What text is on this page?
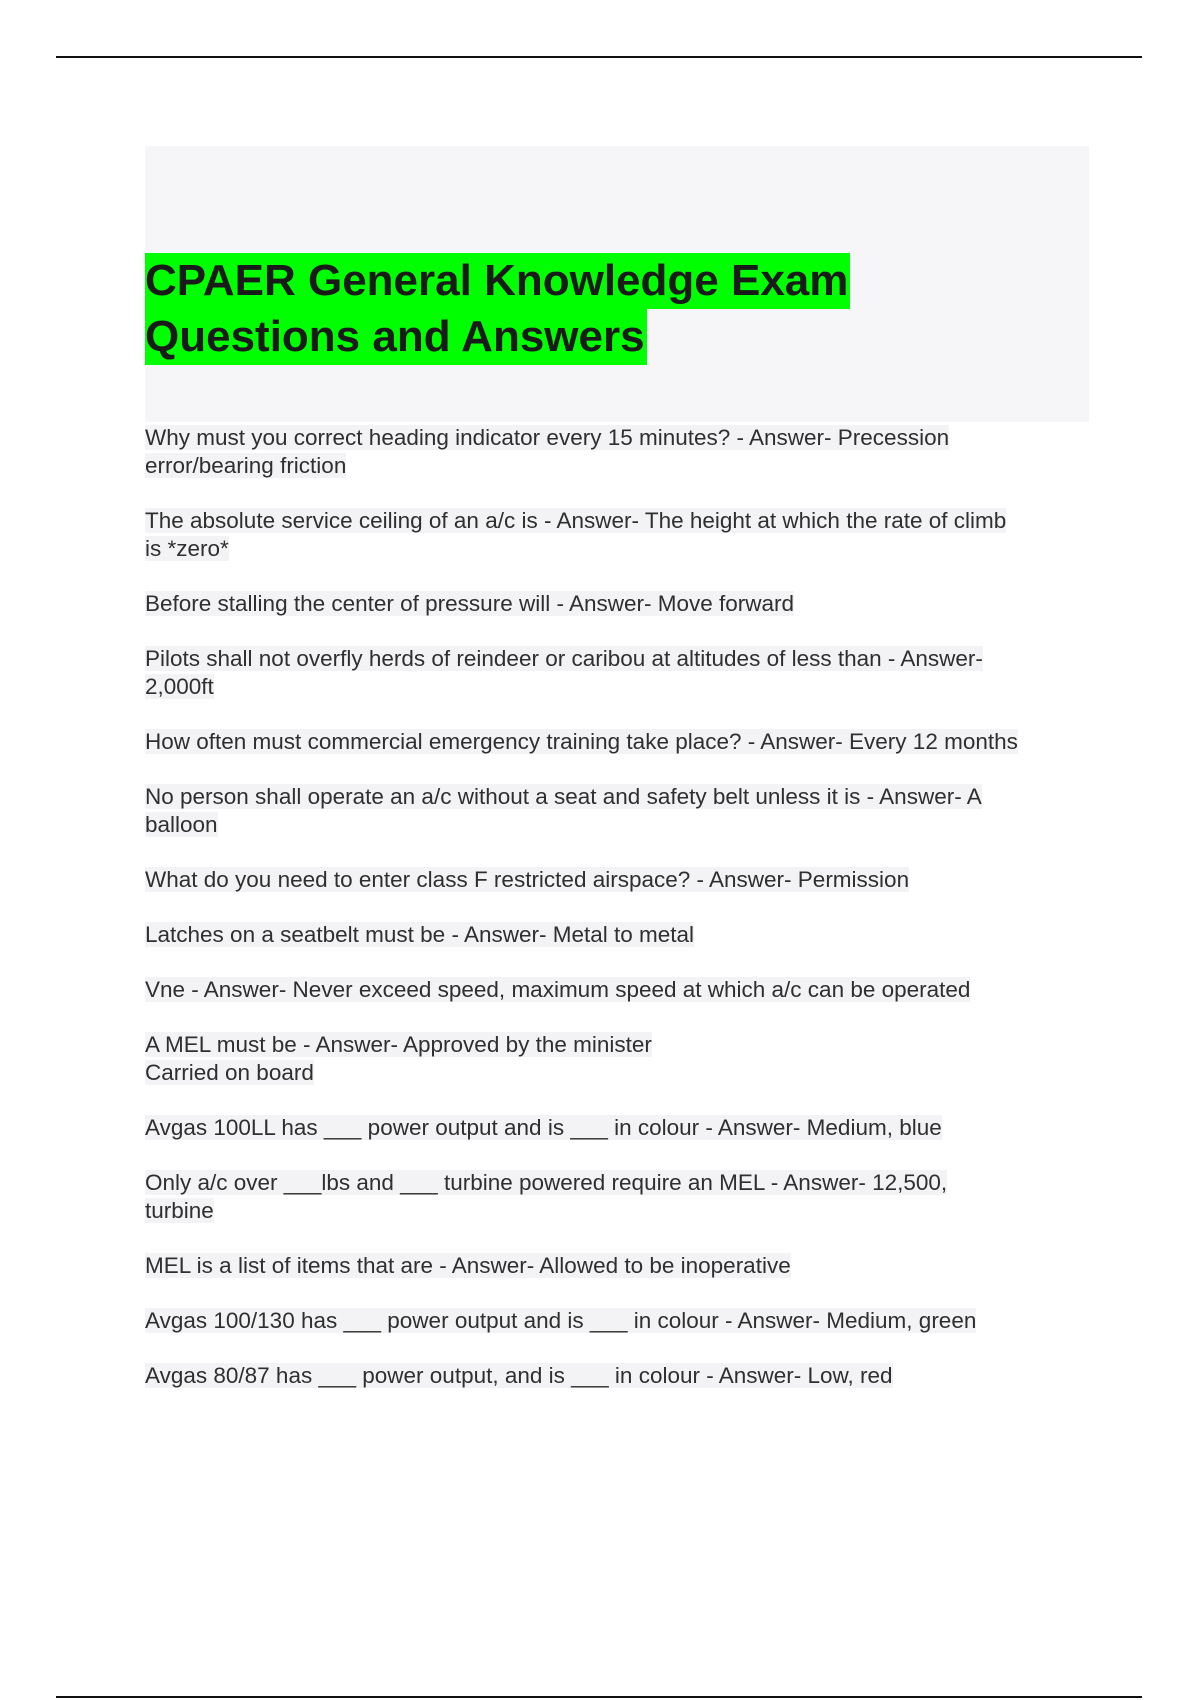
CPAER General Knowledge Exam
Questions and Answers
Why must you correct heading indicator every 15 minutes? - Answer- Precession
error/bearing friction
The absolute service ceiling of an a/c is - Answer- The height at which the rate of climb
is *zero*
Before stalling the center of pressure will - Answer- Move forward
Pilots shall not overfly herds of reindeer or caribou at altitudes of less than - Answer-
2,000ft
How often must commercial emergency training take place? - Answer- Every 12 months
No person shall operate an a/c without a seat and safety belt unless it is - Answer- A
balloon
What do you need to enter class F restricted airspace? - Answer- Permission
Latches on a seatbelt must be - Answer- Metal to metal
Vne - Answer- Never exceed speed, maximum speed at which a/c can be operated
A MEL must be - Answer- Approved by the minister
Carried on board
Avgas 100LL has ___ power output and is ___ in colour - Answer- Medium, blue
Only a/c over ___lbs and ___ turbine powered require an MEL - Answer- 12,500,
turbine
MEL is a list of items that are - Answer- Allowed to be inoperative
Avgas 100/130 has ___ power output and is ___ in colour - Answer- Medium, green
Avgas 80/87 has ___ power output, and is ___ in colour - Answer- Low, red
